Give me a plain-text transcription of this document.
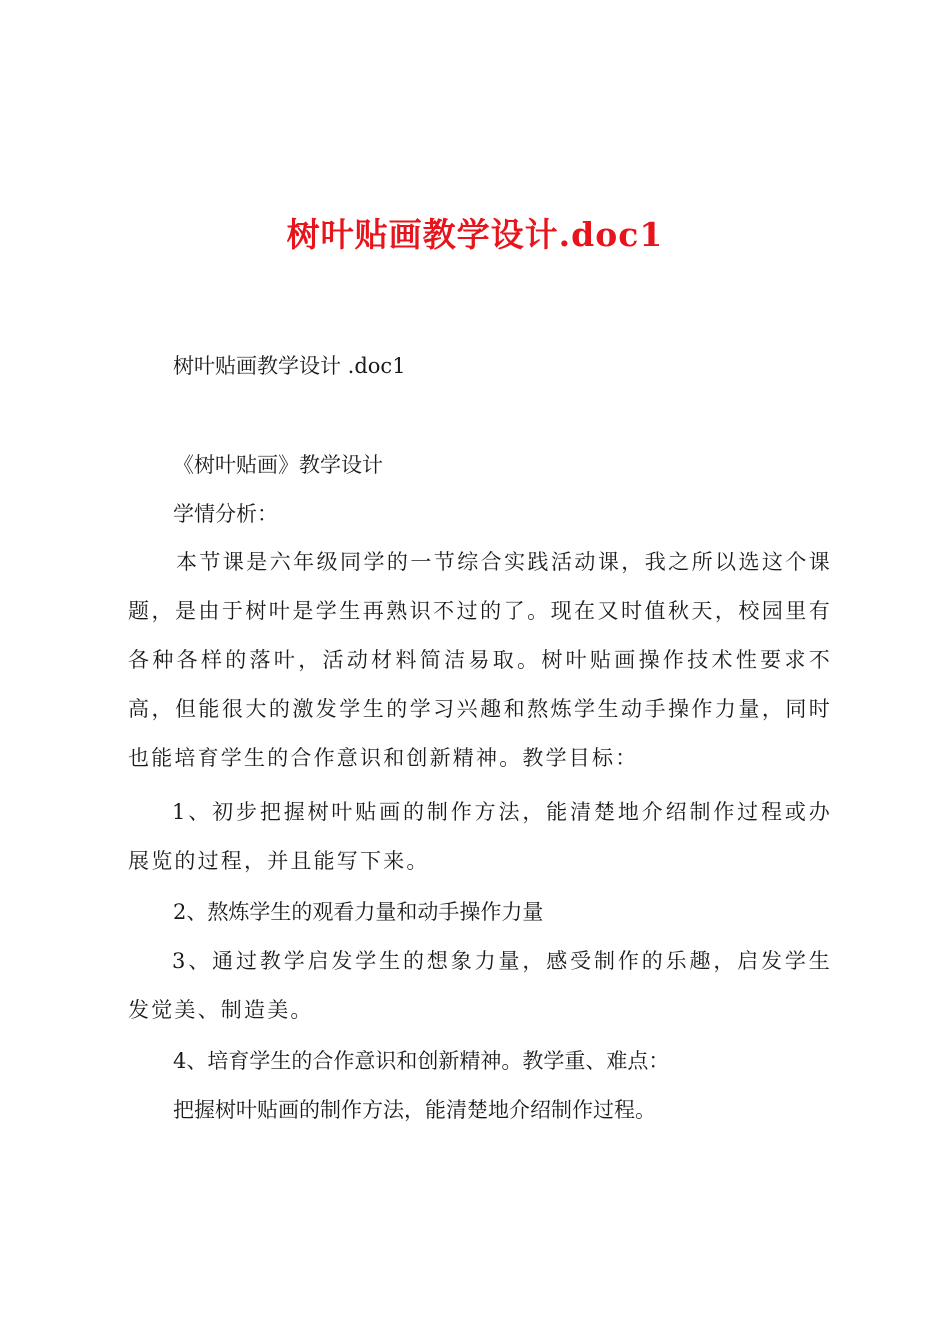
树叶贴画教学设计.doc1
树叶贴画教学设计 .doc1
《树叶贴画》教学设计
学情分析：
本节课是六年级同学的一节综合实践活动课，我之所以选这个课题，是由于树叶是学生再熟识不过的了。现在又时值秋天，校园里有各种各样的落叶，活动材料简洁易取。树叶贴画操作技术性要求不高，但能很大的激发学生的学习兴趣和熬炼学生动手操作力量，同时也能培育学生的合作意识和创新精神。教学目标：
1、初步把握树叶贴画的制作方法，能清楚地介绍制作过程或办展览的过程，并且能写下来。
2、熬炼学生的观看力量和动手操作力量
3、通过教学启发学生的想象力量，感受制作的乐趣，启发学生发觉美、制造美。
4、培育学生的合作意识和创新精神。教学重、难点：
把握树叶贴画的制作方法，能清楚地介绍制作过程。
